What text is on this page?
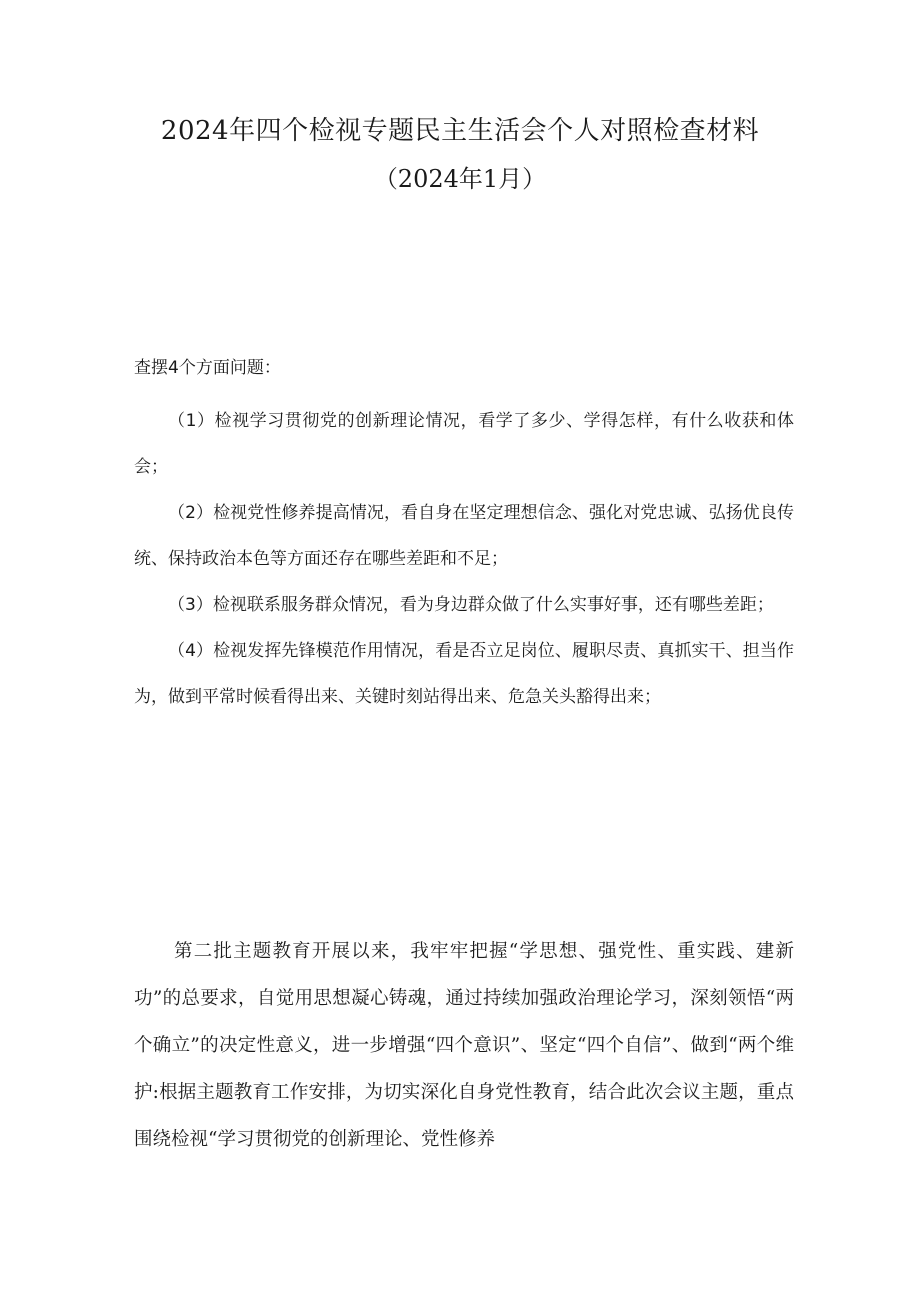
2024年四个检视专题民主生活会个人对照检查材料
（2024年1月）

查摆4个方面问题：

（1）检视学习贯彻党的创新理论情况，看学了多少、学得怎样，有什么收获和体会；

（2）检视党性修养提高情况，看自身在坚定理想信念、强化对党忠诚、弘扬优良传统、保持政治本色等方面还存在哪些差距和不足；

（3）检视联系服务群众情况，看为身边群众做了什么实事好事，还有哪些差距；

（4）检视发挥先锋模范作用情况，看是否立足岗位、履职尽责、真抓实干、担当作为，做到平常时候看得出来、关键时刻站得出来、危急关头豁得出来；

第二批主题教育开展以来，我牢牢把握“学思想、强党性、重实践、建新功”的总要求，自觉用思想凝心铸魂，通过持续加强政治理论学习，深刻领悟“两个确立”的决定性意义，进一步增强“四个意识”、坚定“四个自信”、做到“两个维护:根据主题教育工作安排，为切实深化自身党性教育，结合此次会议主题，重点围绕检视“学习贯彻党的创新理论、党性修养
